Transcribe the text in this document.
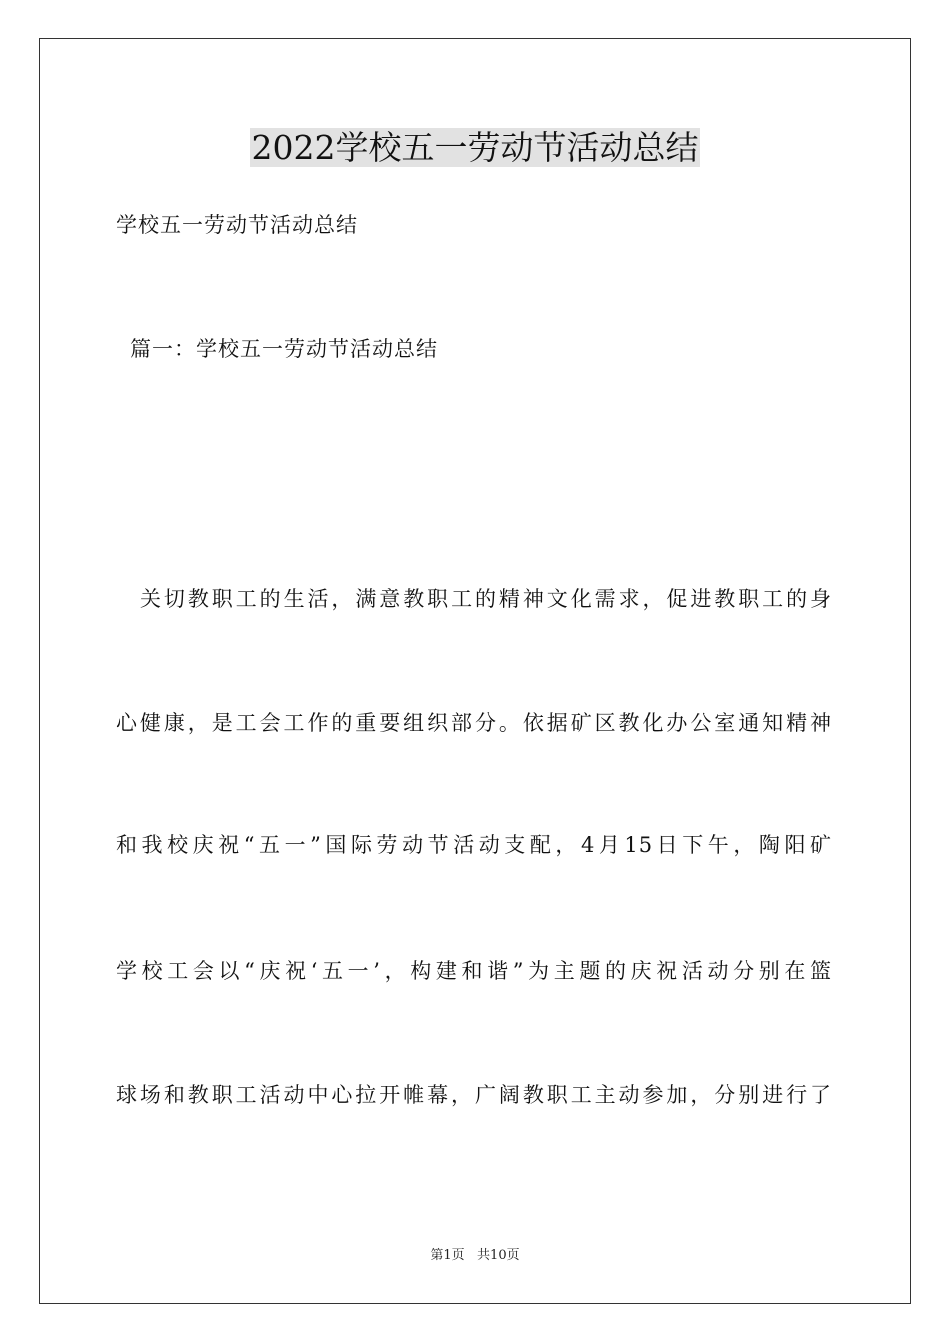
2022学校五一劳动节活动总结

学校五一劳动节活动总结

篇一：学校五一劳动节活动总结

关切教职工的生活，满意教职工的精神文化需求，促进教职工的身

心健康，是工会工作的重要组织部分。依据矿区教化办公室通知精神

和我校庆祝“五一”国际劳动节活动支配，4月15日下午，陶阳矿

学校工会以“庆祝‘五一’，构建和谐”为主题的庆祝活动分别在篮

球场和教职工活动中心拉开帷幕，广阔教职工主动参加，分别进行了

第1页   共10页
